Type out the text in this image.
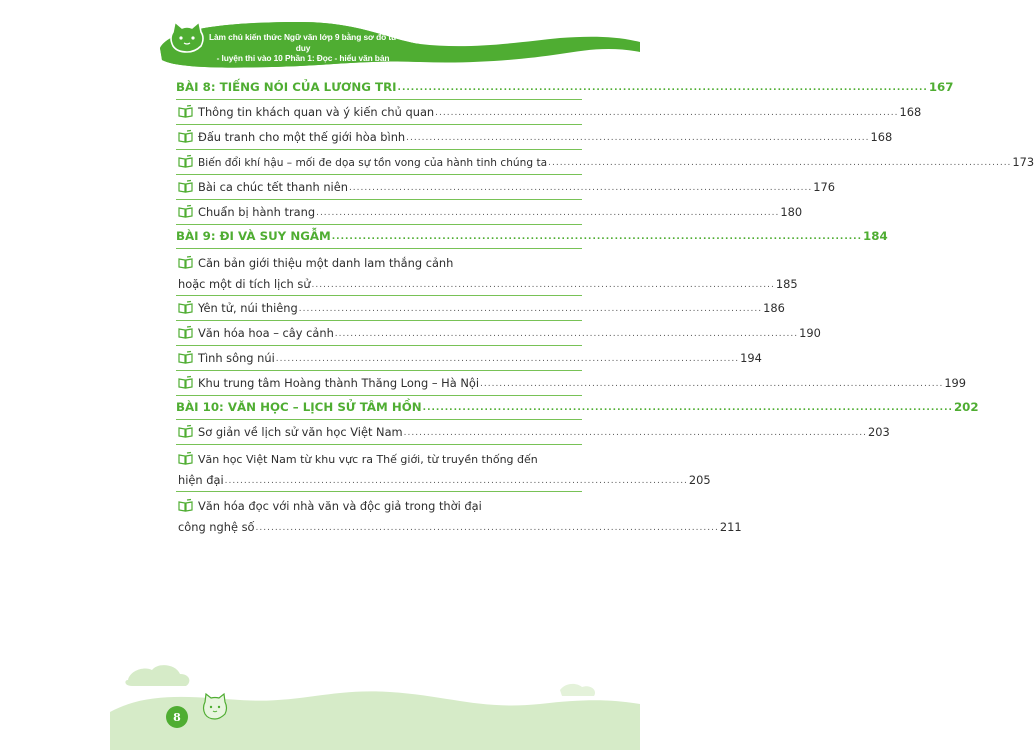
Làm chủ kiến thức Ngữ văn lớp 9 bằng sơ đồ tư duy
- luyện thi vào 10 Phần 1: Đọc - hiểu văn bản
BÀI 8: TIẾNG NÓI CỦA LƯƠNG TRI ........................................................................................................................ 167
Thông tin khách quan và ý kiến chủ quan ........................................................................................................................ 168
Đấu tranh cho một thế giới hòa bình ........................................................................................................................ 168
Biến đổi khí hậu – mối đe dọa sự tồn vong của hành tinh chúng ta ........................................................................................................................ 173
Bài ca chúc tết thanh niên ........................................................................................................................ 176
Chuẩn bị hành trang ........................................................................................................................ 180
BÀI 9: ĐI VÀ SUY NGẪM ........................................................................................................................ 184
Căn bản giới thiệu một danh lam thắng cảnh
hoặc một di tích lịch sử ........................................................................................................................ 185
Yên tử, núi thiêng ........................................................................................................................ 186
Văn hóa hoa – cây cảnh ........................................................................................................................ 190
Tình sông núi ........................................................................................................................ 194
Khu trung tâm Hoàng thành Thăng Long – Hà Nội ........................................................................................................................ 199
BÀI 10: VĂN HỌC – LỊCH SỬ TÂM HỒN ........................................................................................................................ 202
Sơ giản về lịch sử văn học Việt Nam ........................................................................................................................ 203
Văn học Việt Nam từ khu vực ra Thế giới, từ truyền thống đến
hiện đại ........................................................................................................................ 205
Văn hóa đọc với nhà văn và độc giả trong thời đại
công nghệ số ........................................................................................................................ 211
8
